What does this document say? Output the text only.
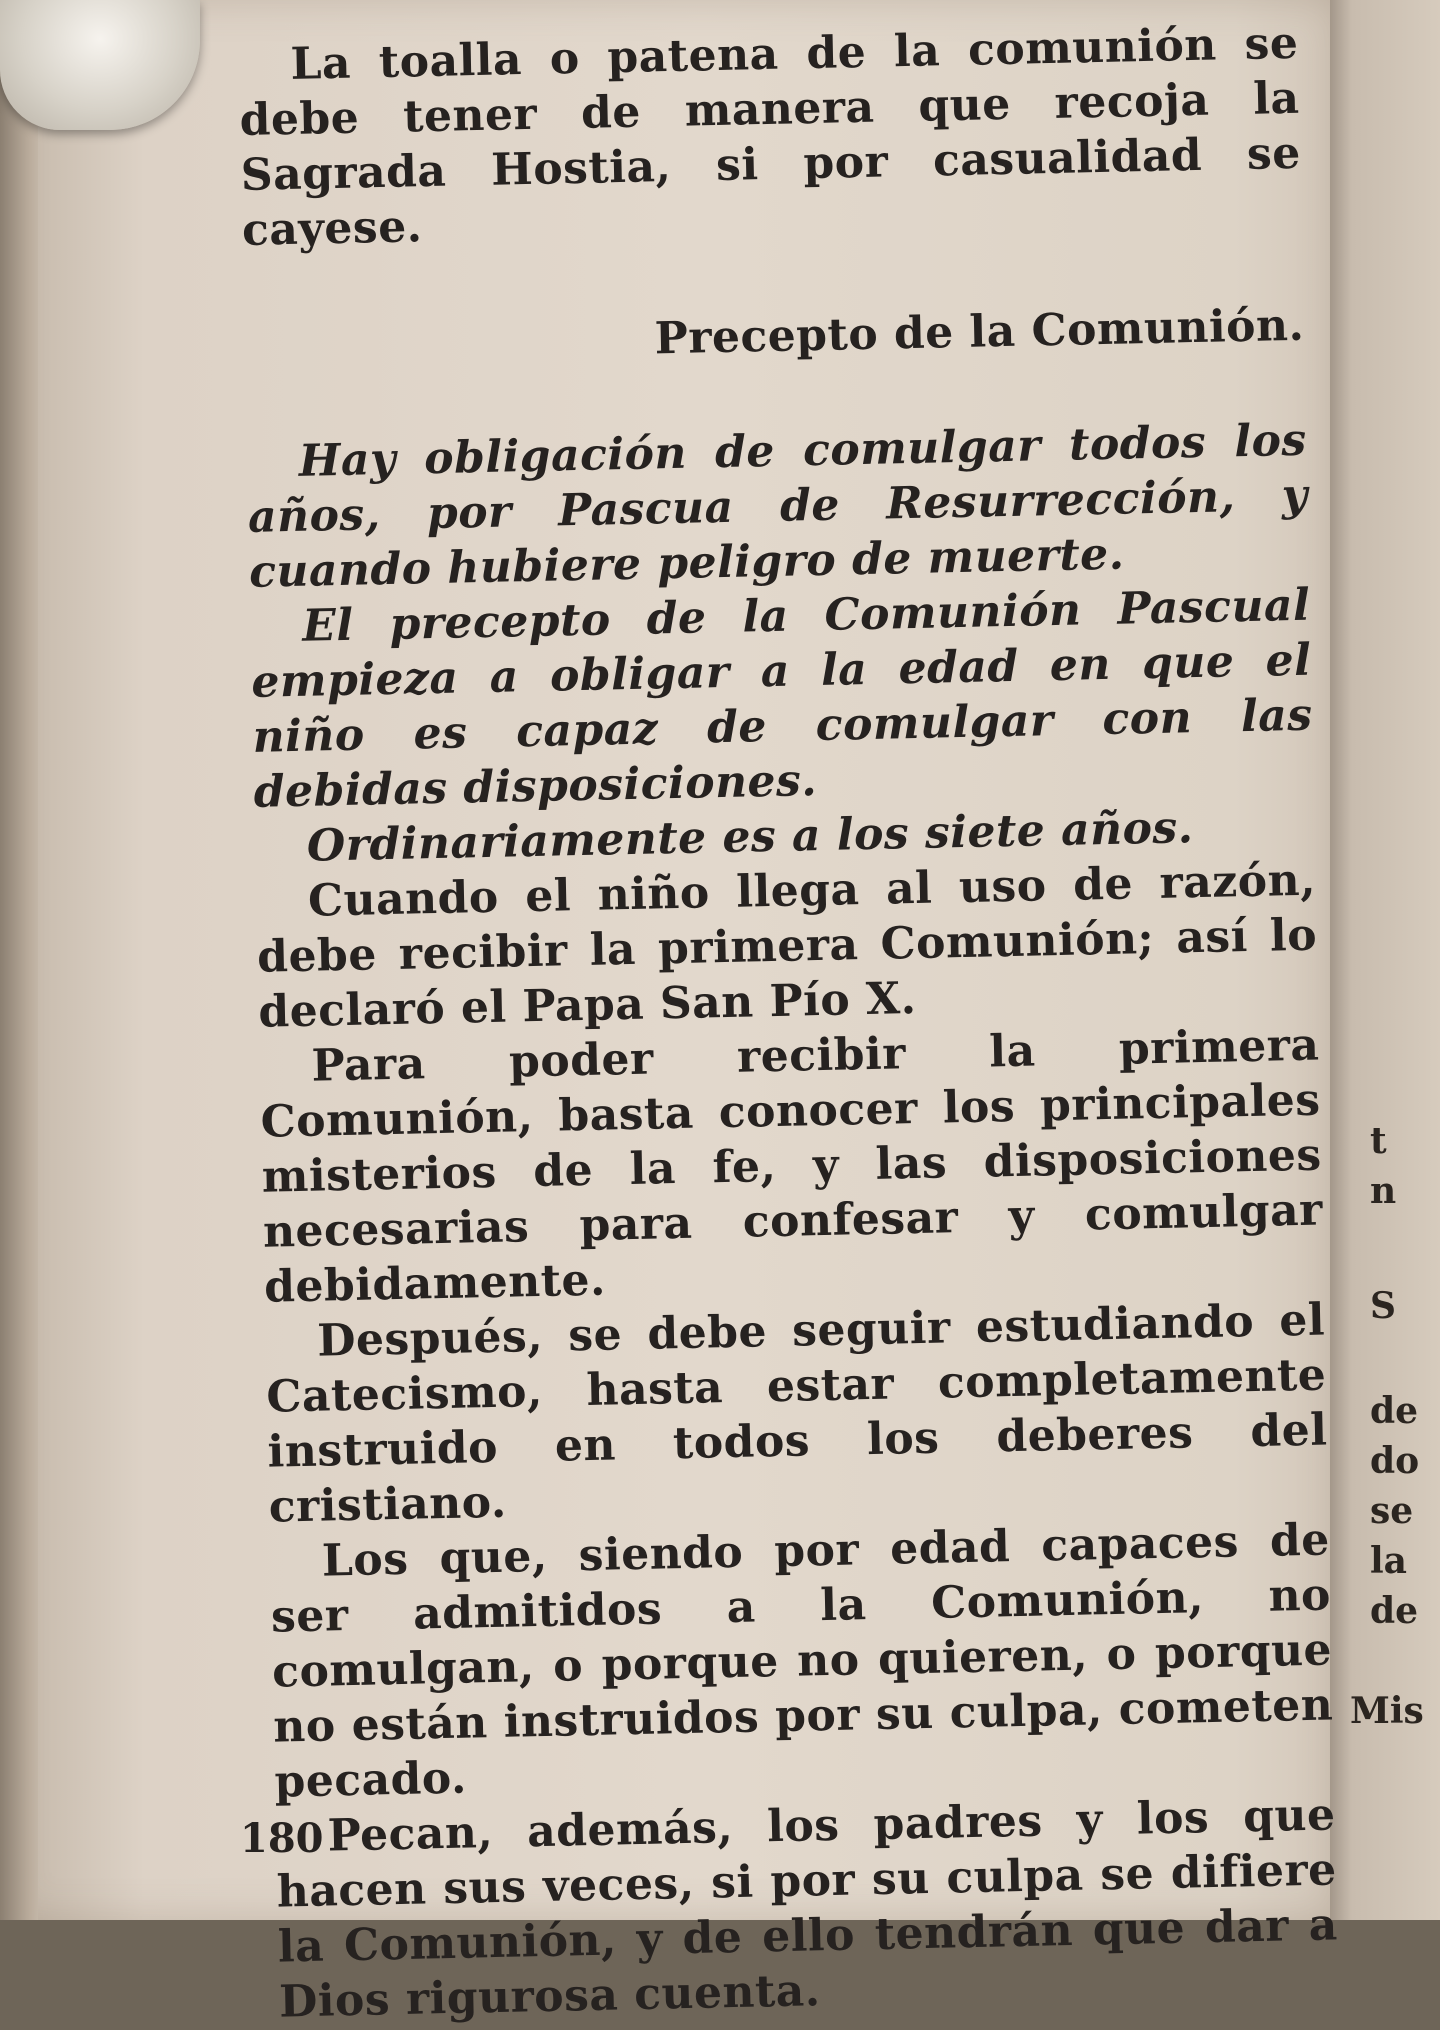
t
n
S
de
do
se
la
de
Mis

La toalla o patena de la comunión se debe tener de manera que recoja la Sagrada Hostia, si por casualidad se cayese.

Precepto de la Comunión.

Hay obligación de comulgar todos los años, por Pascua de Resurrección, y cuando hubiere peligro de muerte.

El precepto de la Comunión Pascual empieza a obligar a la edad en que el niño es capaz de comulgar con las debidas disposiciones.

Ordinariamente es a los siete años.

Cuando el niño llega al uso de razón, debe recibir la primera Comunión; así lo declaró el Papa San Pío X.

Para poder recibir la primera Comunión, basta conocer los principales misterios de la fe, y las disposiciones necesarias para confesar y comulgar debidamente.

Después, se debe seguir estudiando el Catecismo, hasta estar completamente instruido en todos los deberes del cristiano.

Los que, siendo por edad capaces de ser admitidos a la Comunión, no comulgan, o porque no quieren, o porque no están instruidos por su culpa, cometen pecado.

Pecan, además, los padres y los que hacen sus veces, si por su culpa se difiere la Comunión, y de ello tendrán que dar a Dios rigurosa cuenta.

180
